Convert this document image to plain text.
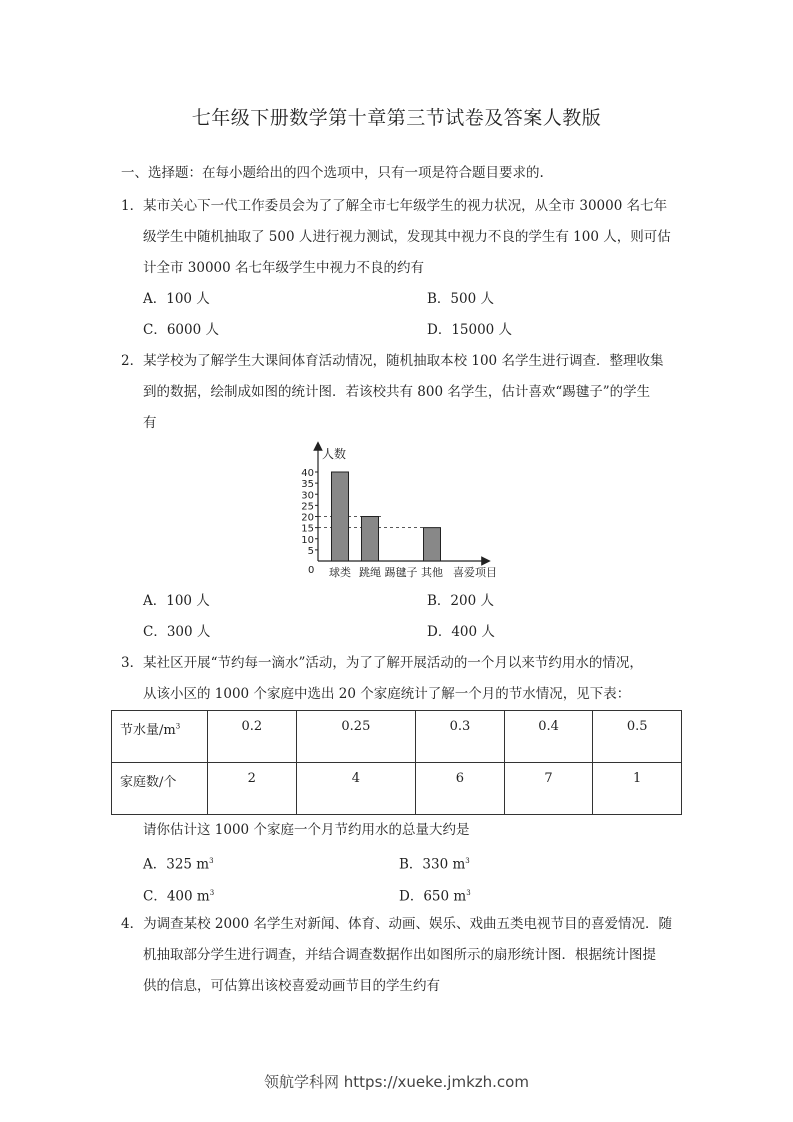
七年级下册数学第十章第三节试卷及答案人教版
一、选择题：在每小题给出的四个选项中，只有一项是符合题目要求的.
1．某市关心下一代工作委员会为了了解全市七年级学生的视力状况，从全市 30000 名七年
级学生中随机抽取了 500 人进行视力测试，发现其中视力不良的学生有 100 人，则可估
计全市 30000 名七年级学生中视力不良的约有
A．100 人	B．500 人
C．6000 人	D．15000 人
2．某学校为了解学生大课间体育活动情况，随机抽取本校 100 名学生进行调查．整理收集
到的数据，绘制成如图的统计图．若该校共有 800 名学生，估计喜欢“踢毽子”的学生
有
人数
0	喜爱项目
5
10
15
20
25
30
35
40
球类 跳绳 踢毽子 其他
A．100 人	B．200 人
C．300 人	D．400 人
3．某社区开展“节约每一滴水”活动，为了了解开展活动的一个月以来节约用水的情况，
从该小区的 1000 个家庭中选出 20 个家庭统计了解一个月的节水情况，见下表：
节水量$/m^3$	0.2	0.25	0.3	0.4	0.5
家庭数/个	2	4	6	7	1
请你估计这 1000 个家庭一个月节约用水的总量大约是
A．325 $m^3$	B．330 $m^3$
C．400 $m^3$	D．650 $m^3$
4．为调查某校 2000 名学生对新闻、体育、动画、娱乐、戏曲五类电视节目的喜爱情况．随
机抽取部分学生进行调查，并结合调查数据作出如图所示的扇形统计图．根据统计图提
供的信息，可估算出该校喜爱动画节目的学生约有
领航学科网 https://xueke.jmkzh.com
